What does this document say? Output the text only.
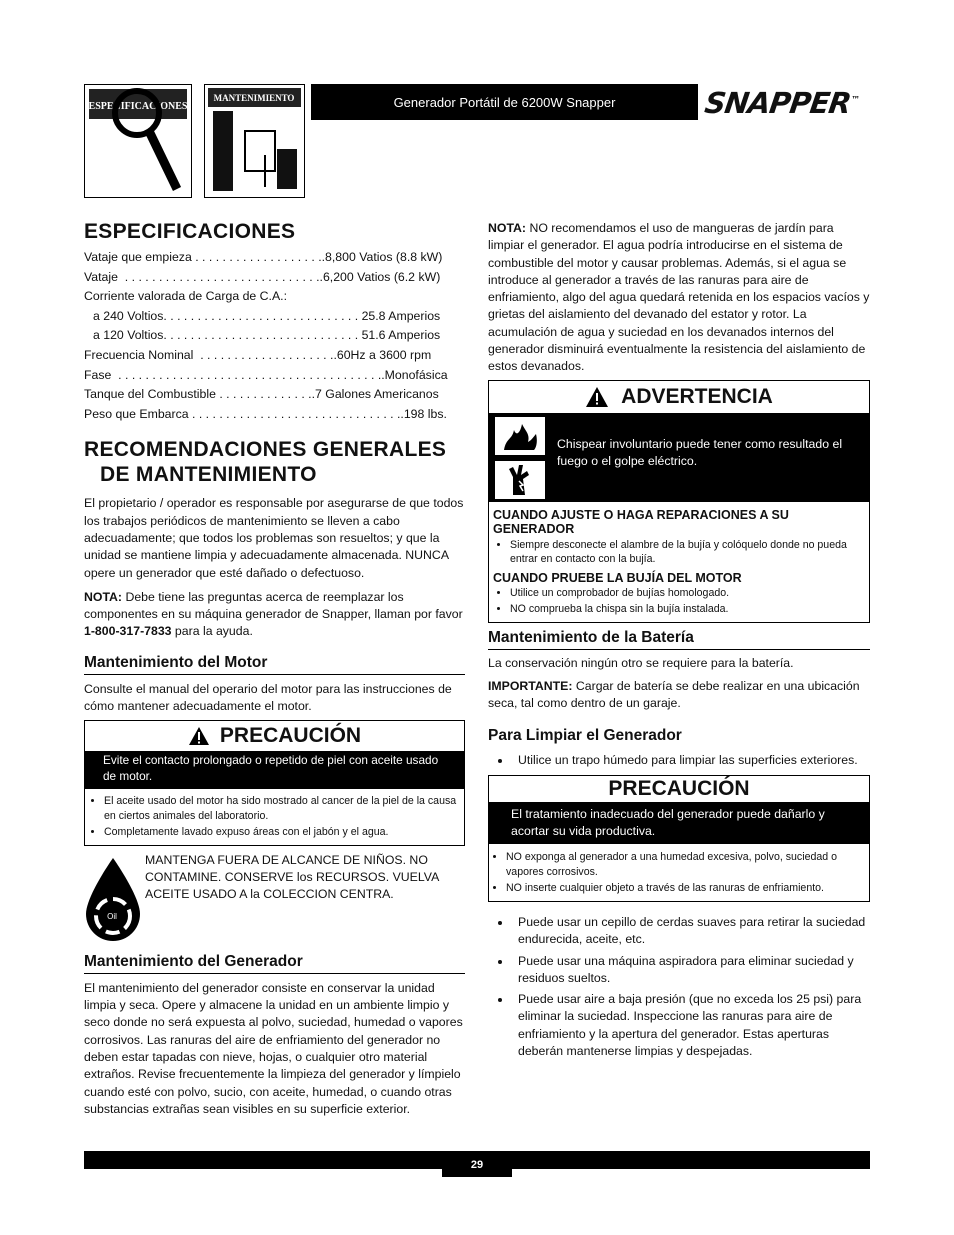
ESPECIFICACIONES
MANTENIMIENTO	Generador Portátil de 6200W Snapper	SNAPPER™
ESPECIFICACIONES
Vataje que empieza . . . . . . . . . . . . . . . . . . ..8,800 Vatios (8.8 kW)
Vataje  . . . . . . . . . . . . . . . . . . . . . . . . . . . . ..6,200 Vatios (6.2 kW)
Corriente valorada de Carga de C.A.:
a 240 Voltios. . . . . . . . . . . . . . . . . . . . . . . . . . . . . 25.8 Amperios
a 120 Voltios. . . . . . . . . . . . . . . . . . . . . . . . . . . . . 51.6 Amperios
Frecuencia Nominal  . . . . . . . . . . . . . . . . . . . ..60Hz a 3600 rpm
Fase  . . . . . . . . . . . . . . . . . . . . . . . . . . . . . . . . . . . . . . ..Monofásica
Tanque del Combustible . . . . . . . . . . . . . ..7 Galones Americanos
Peso que Embarca . . . . . . . . . . . . . . . . . . . . . . . . . . . . . . ..198 lbs.
RECOMENDACIONES GENERALES
DE MANTENIMIENTO

El propietario / operador es responsable por asegurarse de que todos los trabajos periódicos de mantenimiento se lleven a cabo adecuadamente; que todos los problemas son resueltos; y que la unidad se mantiene limpia y adecuadamente almacenada. NUNCA opere un generador que esté dañado o defectuoso.

NOTA: Debe tiene las preguntas acerca de reemplazar los componentes en su máquina generador de Snapper, llaman por favor 1-800-317-7833 para la ayuda.

Mantenimiento del Motor

Consulte el manual del operario del motor para las instrucciones de cómo mantener adecuadamente el motor.

PRECAUCIÓN
Evite el contacto prolongado o repetido de piel con aceite usado de motor.
• El aceite usado del motor ha sido mostrado al cancer de la piel de la causa en ciertos animales del laboratorio.
• Completamente lavado expuso áreas con el jabón y el agua.
Oil

MANTENGA FUERA DE ALCANCE DE NIÑOS. NO CONTAMINE. CONSERVE los RECURSOS. VUELVA ACEITE USADO A la COLECCION CENTRA.

Mantenimiento del Generador

El mantenimiento del generador consiste en conservar la unidad limpia y seca. Opere y almacene la unidad en un ambiente limpio y seco donde no será expuesta al polvo, suciedad, humedad o vapores corrosivos. Las ranuras del aire de enfriamiento del generador no deben estar tapadas con nieve, hojas, o cualquier otro material extraños. Revise frecuentemente la limpieza del generador y límpielo cuando esté con polvo, sucio, con aceite, humedad, o cuando otras substancias extrañas sean visibles en su superficie exterior.

NOTA: NO recomendamos el uso de mangueras de jardín para limpiar el generador. El agua podría introducirse en el sistema de combustible del motor y causar problemas. Además, si el agua se introduce al generador a través de las ranuras para aire de enfriamiento, algo del agua quedará retenida en los espacios vacíos y grietas del aislamiento del devanado del estator y rotor. La acumulación de agua y suciedad en los devanados internos del generador disminuirá eventualmente la resistencia del aislamiento de estos devanados.

ADVERTENCIA
Chispear involuntario puede tener como resultado el fuego o el golpe eléctrico.
CUANDO AJUSTE O HAGA REPARACIONES A SU GENERADOR
• Siempre desconecte el alambre de la bujía y colóquelo donde no pueda entrar en contacto con la bujía.
CUANDO PRUEBE LA BUJÍA DEL MOTOR
• Utilice un comprobador de bujías homologado.
• NO comprueba la chispa sin la bujía instalada.
Mantenimiento de la Batería

La conservación ningún otro se requiere para la batería.

IMPORTANTE: Cargar de batería se debe realizar en una ubicación seca, tal como dentro de un garaje.

Para Limpiar el Generador
• Utilice un trapo húmedo para limpiar las superficies exteriores.
PRECAUCIÓN
El tratamiento inadecuado del generador puede dañarlo y acortar su vida productiva.
• NO exponga al generador a una humedad excesiva, polvo, suciedad o vapores corrosivos.
• NO inserte cualquier objeto a través de las ranuras de enfriamiento.
• Puede usar un cepillo de cerdas suaves para retirar la suciedad endurecida, aceite, etc.
• Puede usar una máquina aspiradora para eliminar suciedad y residuos sueltos.
• Puede usar aire a baja presión (que no exceda los 25 psi) para eliminar la suciedad. Inspeccione las ranuras para aire de enfriamiento y la apertura del generador. Estas aperturas deberán mantenerse limpias y despejadas.
29
